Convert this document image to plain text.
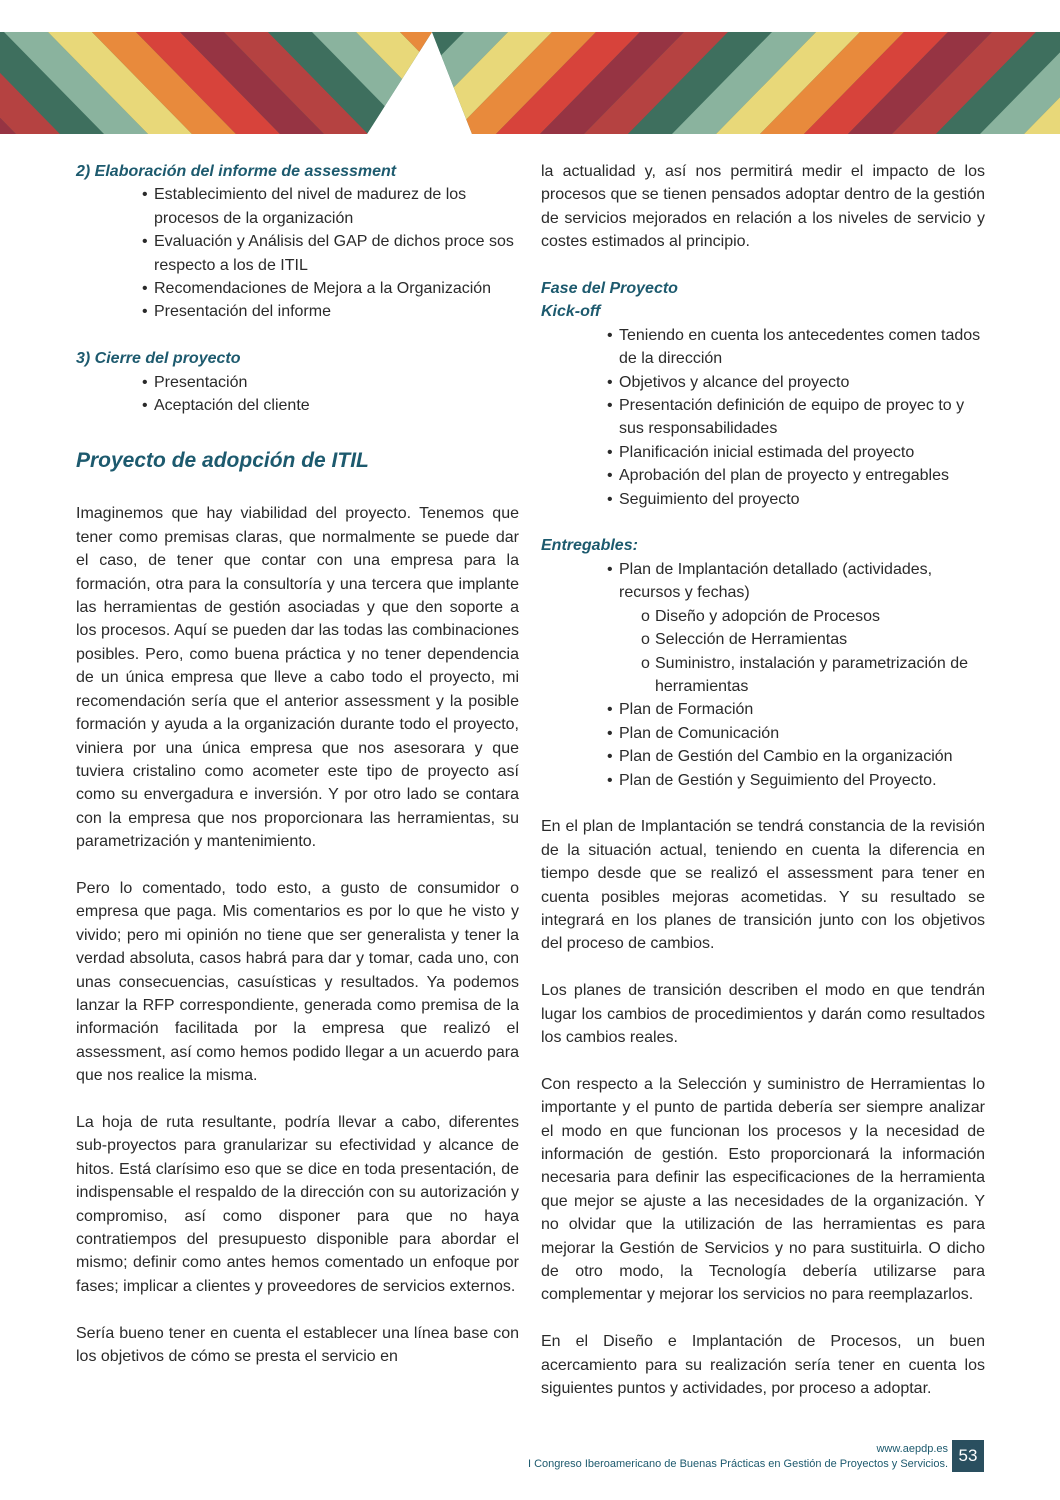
2) Elaboración del informe de assessment
• Establecimiento del nivel de madurez de los procesos de la organización
• Evaluación y Análisis del GAP de dichos proce sos respecto a los de ITIL
• Recomendaciones de Mejora a la Organización
• Presentación del informe
3) Cierre del proyecto
• Presentación
• Aceptación del cliente
Proyecto de adopción de ITIL

Imaginemos que hay viabilidad del proyecto. Tenemos que tener como premisas claras, que normalmente se puede dar el caso, de tener que contar con una empresa para la formación, otra para la consultoría y una tercera que implante las herramientas de gestión asociadas y que den soporte a los procesos. Aquí se pueden dar las todas las combinaciones posibles. Pero, como buena práctica y no tener dependencia de un única empresa que lleve a cabo todo el proyecto, mi recomendación sería que el anterior assessment y la posible formación y ayuda a la organización durante todo el proyecto, viniera por una única empresa que nos asesorara y que tuviera cristalino como acometer este tipo de proyecto así como su envergadura e inversión. Y por otro lado se contara con la empresa que nos proporcionara las herramientas, su parametrización y mantenimiento.

Pero lo comentado, todo esto, a gusto de consumidor o empresa que paga. Mis comentarios es por lo que he visto y vivido; pero mi opinión no tiene que ser generalista y tener la verdad absoluta, casos habrá para dar y tomar, cada uno, con unas consecuencias, casuísticas y resultados. Ya podemos lanzar la RFP correspondiente, generada como premisa de la información facilitada por la empresa que realizó el assessment, así como hemos podido llegar a un acuerdo para que nos realice la misma.

La hoja de ruta resultante, podría llevar a cabo, diferentes sub-proyectos para granularizar su efectividad y alcance de hitos. Está clarísimo eso que se dice en toda presentación, de indispensable el respaldo de la dirección con su autorización y compromiso, así como disponer para que no haya contratiempos del presupuesto disponible para abordar el mismo; definir como antes hemos comentado un enfoque por fases; implicar a clientes y proveedores de servicios externos.

Sería bueno tener en cuenta el establecer una línea base con los objetivos de cómo se presta el servicio en

la actualidad y, así nos permitirá medir el impacto de los procesos que se tienen pensados adoptar dentro de la gestión de servicios mejorados en relación a los niveles de servicio y costes estimados al principio.

Fase del Proyecto
Kick-off
• Teniendo en cuenta los antecedentes comen tados de la dirección
• Objetivos y alcance del proyecto
• Presentación definición de equipo de proyec to y sus responsabilidades
• Planificación inicial estimada del proyecto
• Aprobación del plan de proyecto y entregables
• Seguimiento del proyecto
Entregables:
• Plan de Implantación detallado (actividades, recursos y fechas)
o Diseño y adopción de Procesos
o Selección de Herramientas
o Suministro, instalación y parametrización de herramientas
• Plan de Formación
• Plan de Comunicación
• Plan de Gestión del Cambio en la organización
• Plan de Gestión y Seguimiento del Proyecto.

En el plan de Implantación se tendrá constancia de la revisión de la situación actual, teniendo en cuenta la diferencia en tiempo desde que se realizó el assessment para tener en cuenta posibles mejoras acometidas. Y su resultado se integrará en los planes de transición junto con los objetivos del proceso de cambios.

Los planes de transición describen el modo en que tendrán lugar los cambios de procedimientos y darán como resultados los cambios reales.

Con respecto a la Selección y suministro de Herramientas lo importante y el punto de partida debería ser siempre analizar el modo en que funcionan los procesos y la necesidad de información de gestión. Esto proporcionará la información necesaria para definir las especificaciones de la herramienta que mejor se ajuste a las necesidades de la organización. Y no olvidar que la utilización de las herramientas es para mejorar la Gestión de Servicios y no para sustituirla. O dicho de otro modo, la Tecnología debería utilizarse para complementar y mejorar los servicios no para reemplazarlos.

En el Diseño e Implantación de Procesos, un buen acercamiento para su realización sería tener en cuenta los siguientes puntos y actividades, por proceso a adoptar.

www.aepdp.es
I Congreso Iberoamericano de Buenas Prácticas en Gestión de Proyectos y Servicios. 53
